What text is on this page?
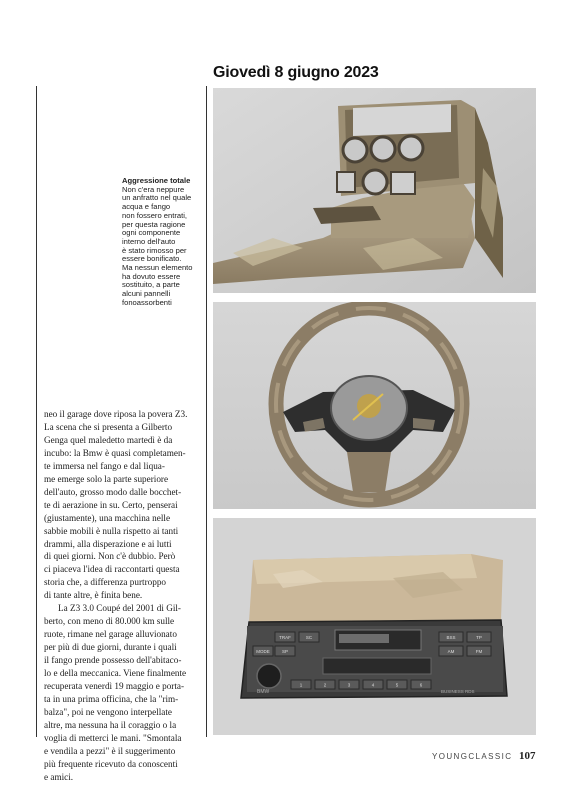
Giovedì 8 giugno 2023
Aggressione totale
Non c'era neppure
un anfratto nel quale
acqua e fango
non fossero entrati,
per questa ragione
ogni componente
interno dell'auto
è stato rimosso per
essere bonificato.
Ma nessun elemento
ha dovuto essere
sostituito, a parte
alcuni pannelli
fonoassorbenti
neo il garage dove riposa la povera Z3.
La scena che si presenta a Gilberto
Genga quel maledetto martedì è da
incubo: la Bmw è quasi completamen-
te immersa nel fango e dal liqua-
me emerge solo la parte superiore
dell'auto, grosso modo dalle bocchet-
te di aerazione in su. Certo, penserai
(giustamente), una macchina nelle
sabbie mobili è nulla rispetto ai tanti
drammi, alla disperazione e ai lutti
di quei giorni. Non c'è dubbio. Però
ci piaceva l'idea di raccontarti questa
storia che, a differenza purtroppo
di tante altre, è finita bene.
La Z3 3.0 Coupé del 2001 di Gil-
berto, con meno di 80.000 km sulle
ruote, rimane nel garage alluvionato
per più di due giorni, durante i quali
il fango prende possesso dell'abitaco-
lo e della meccanica. Viene finalmente
recuperata venerdì 19 maggio e porta-
ta in una prima officina, che la "rim-
balza", poi ne vengono interpellate
altre, ma nessuna ha il coraggio o la
voglia di metterci le mani. "Smontala
e vendila a pezzi" è il suggerimento
più frequente ricevuto da conoscenti
e amici.
TRAF	SC
SP
MODE
BSS	TP
AM	FM
1	2	3	4	5	6
BMW	BUSINESS RDS
YOUNGCLASSIC 107
